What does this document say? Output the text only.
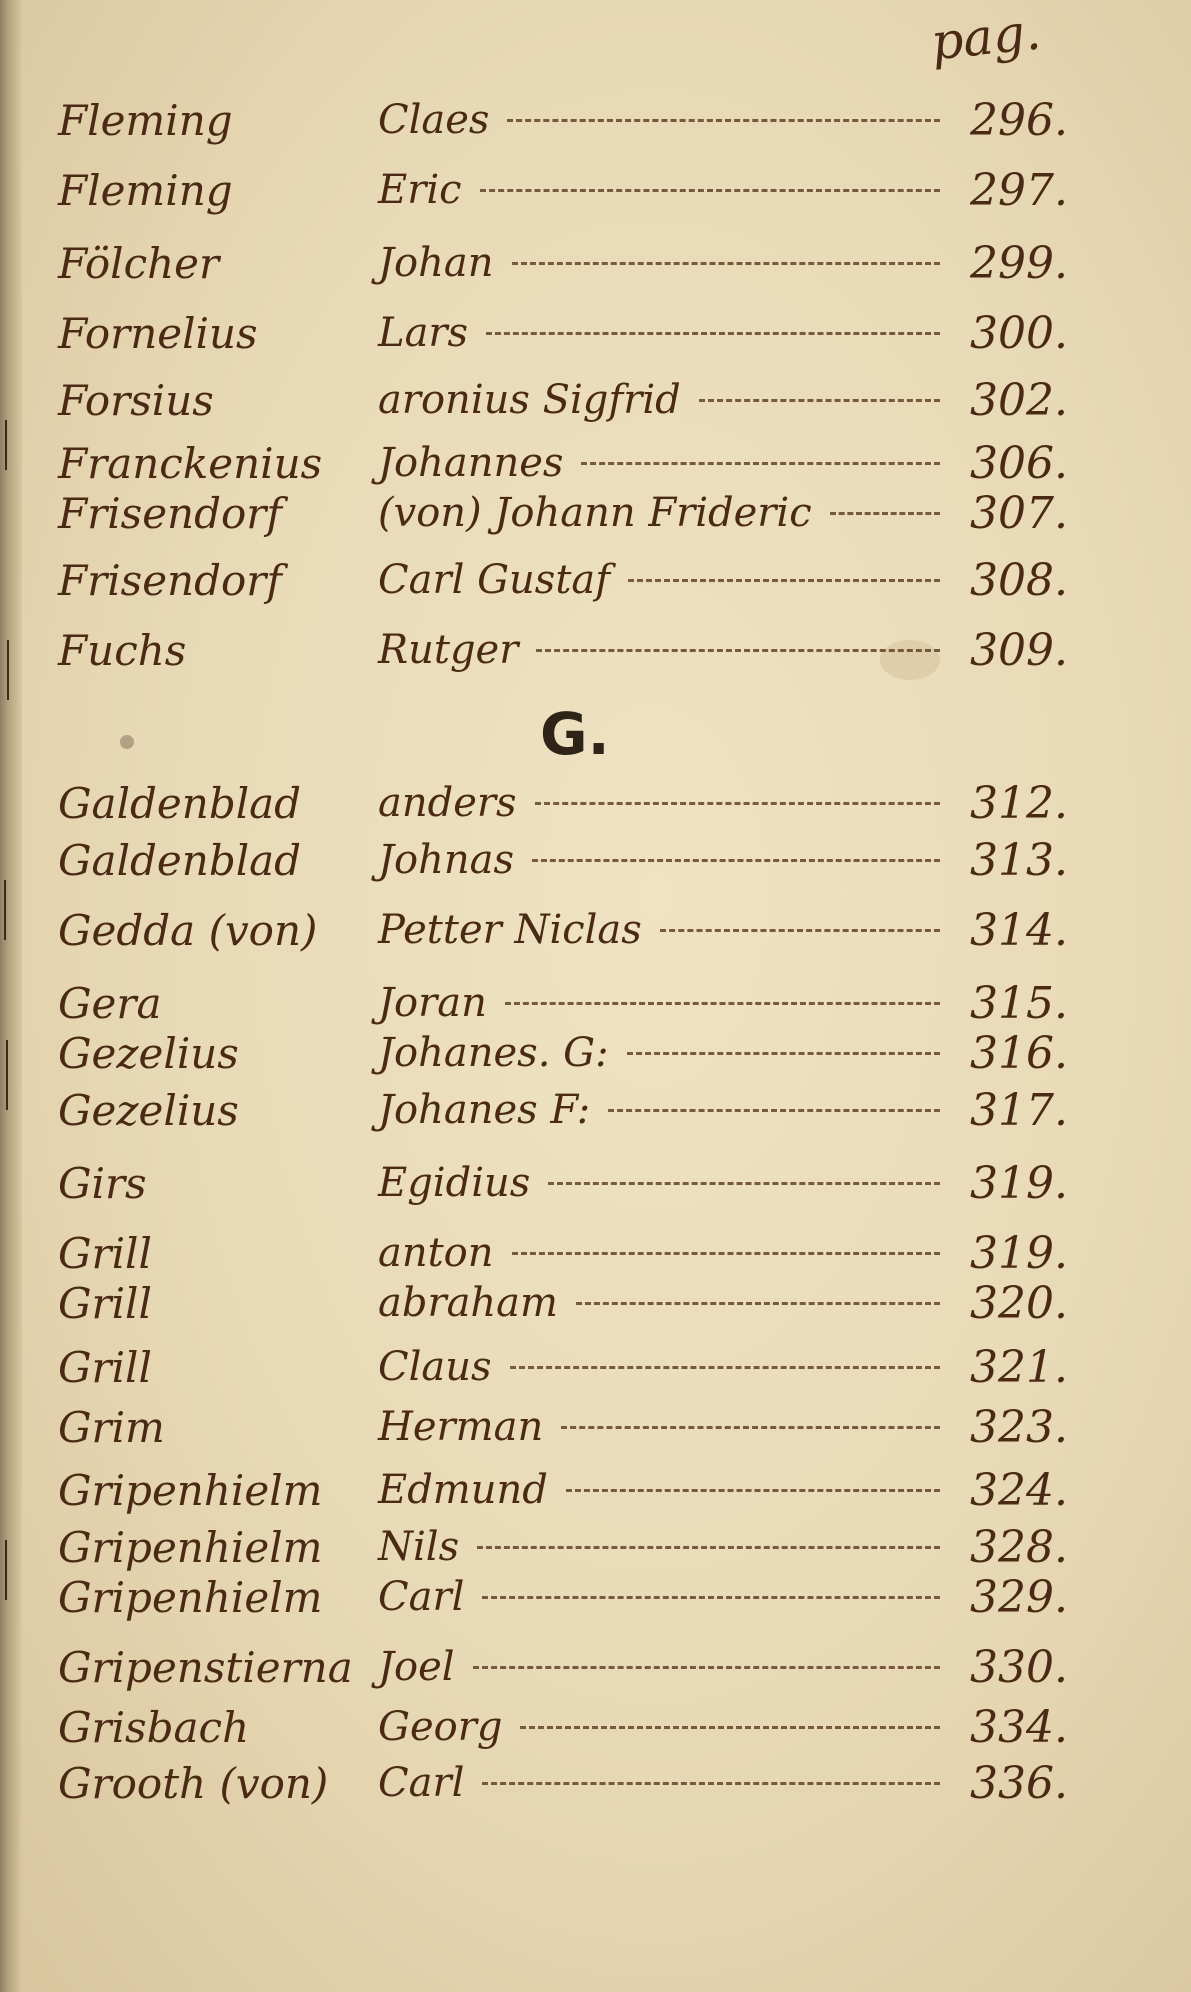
pag.
Fleming	Claes	296.
Fleming	Eric	297.
Fölcher	Johan	299.
Fornelius	Lars	300.
Forsius	aronius Sigfrid	302.
Franckenius	Johannes	306.
Frisendorf	(von) Johann Frideric	307.
Frisendorf	Carl Gustaf	308.
Fuchs	Rutger	309.
Galdenblad	anders	312.
Galdenblad	Johnas	313.
Gedda (von)	Petter Niclas	314.
Gera	Joran	315.
Gezelius	Johanes. G:	316.
Gezelius	Johanes F:	317.
Girs	Egidius	319.
Grill	anton	319.
Grill	abraham	320.
Grill	Claus	321.
Grim	Herman	323.
Gripenhielm	Edmund	324.
Gripenhielm	Nils	328.
Gripenhielm	Carl	329.
Gripenstierna Joel	330.
Grisbach	Georg	334.
Grooth (von)	Carl	336.
G.
